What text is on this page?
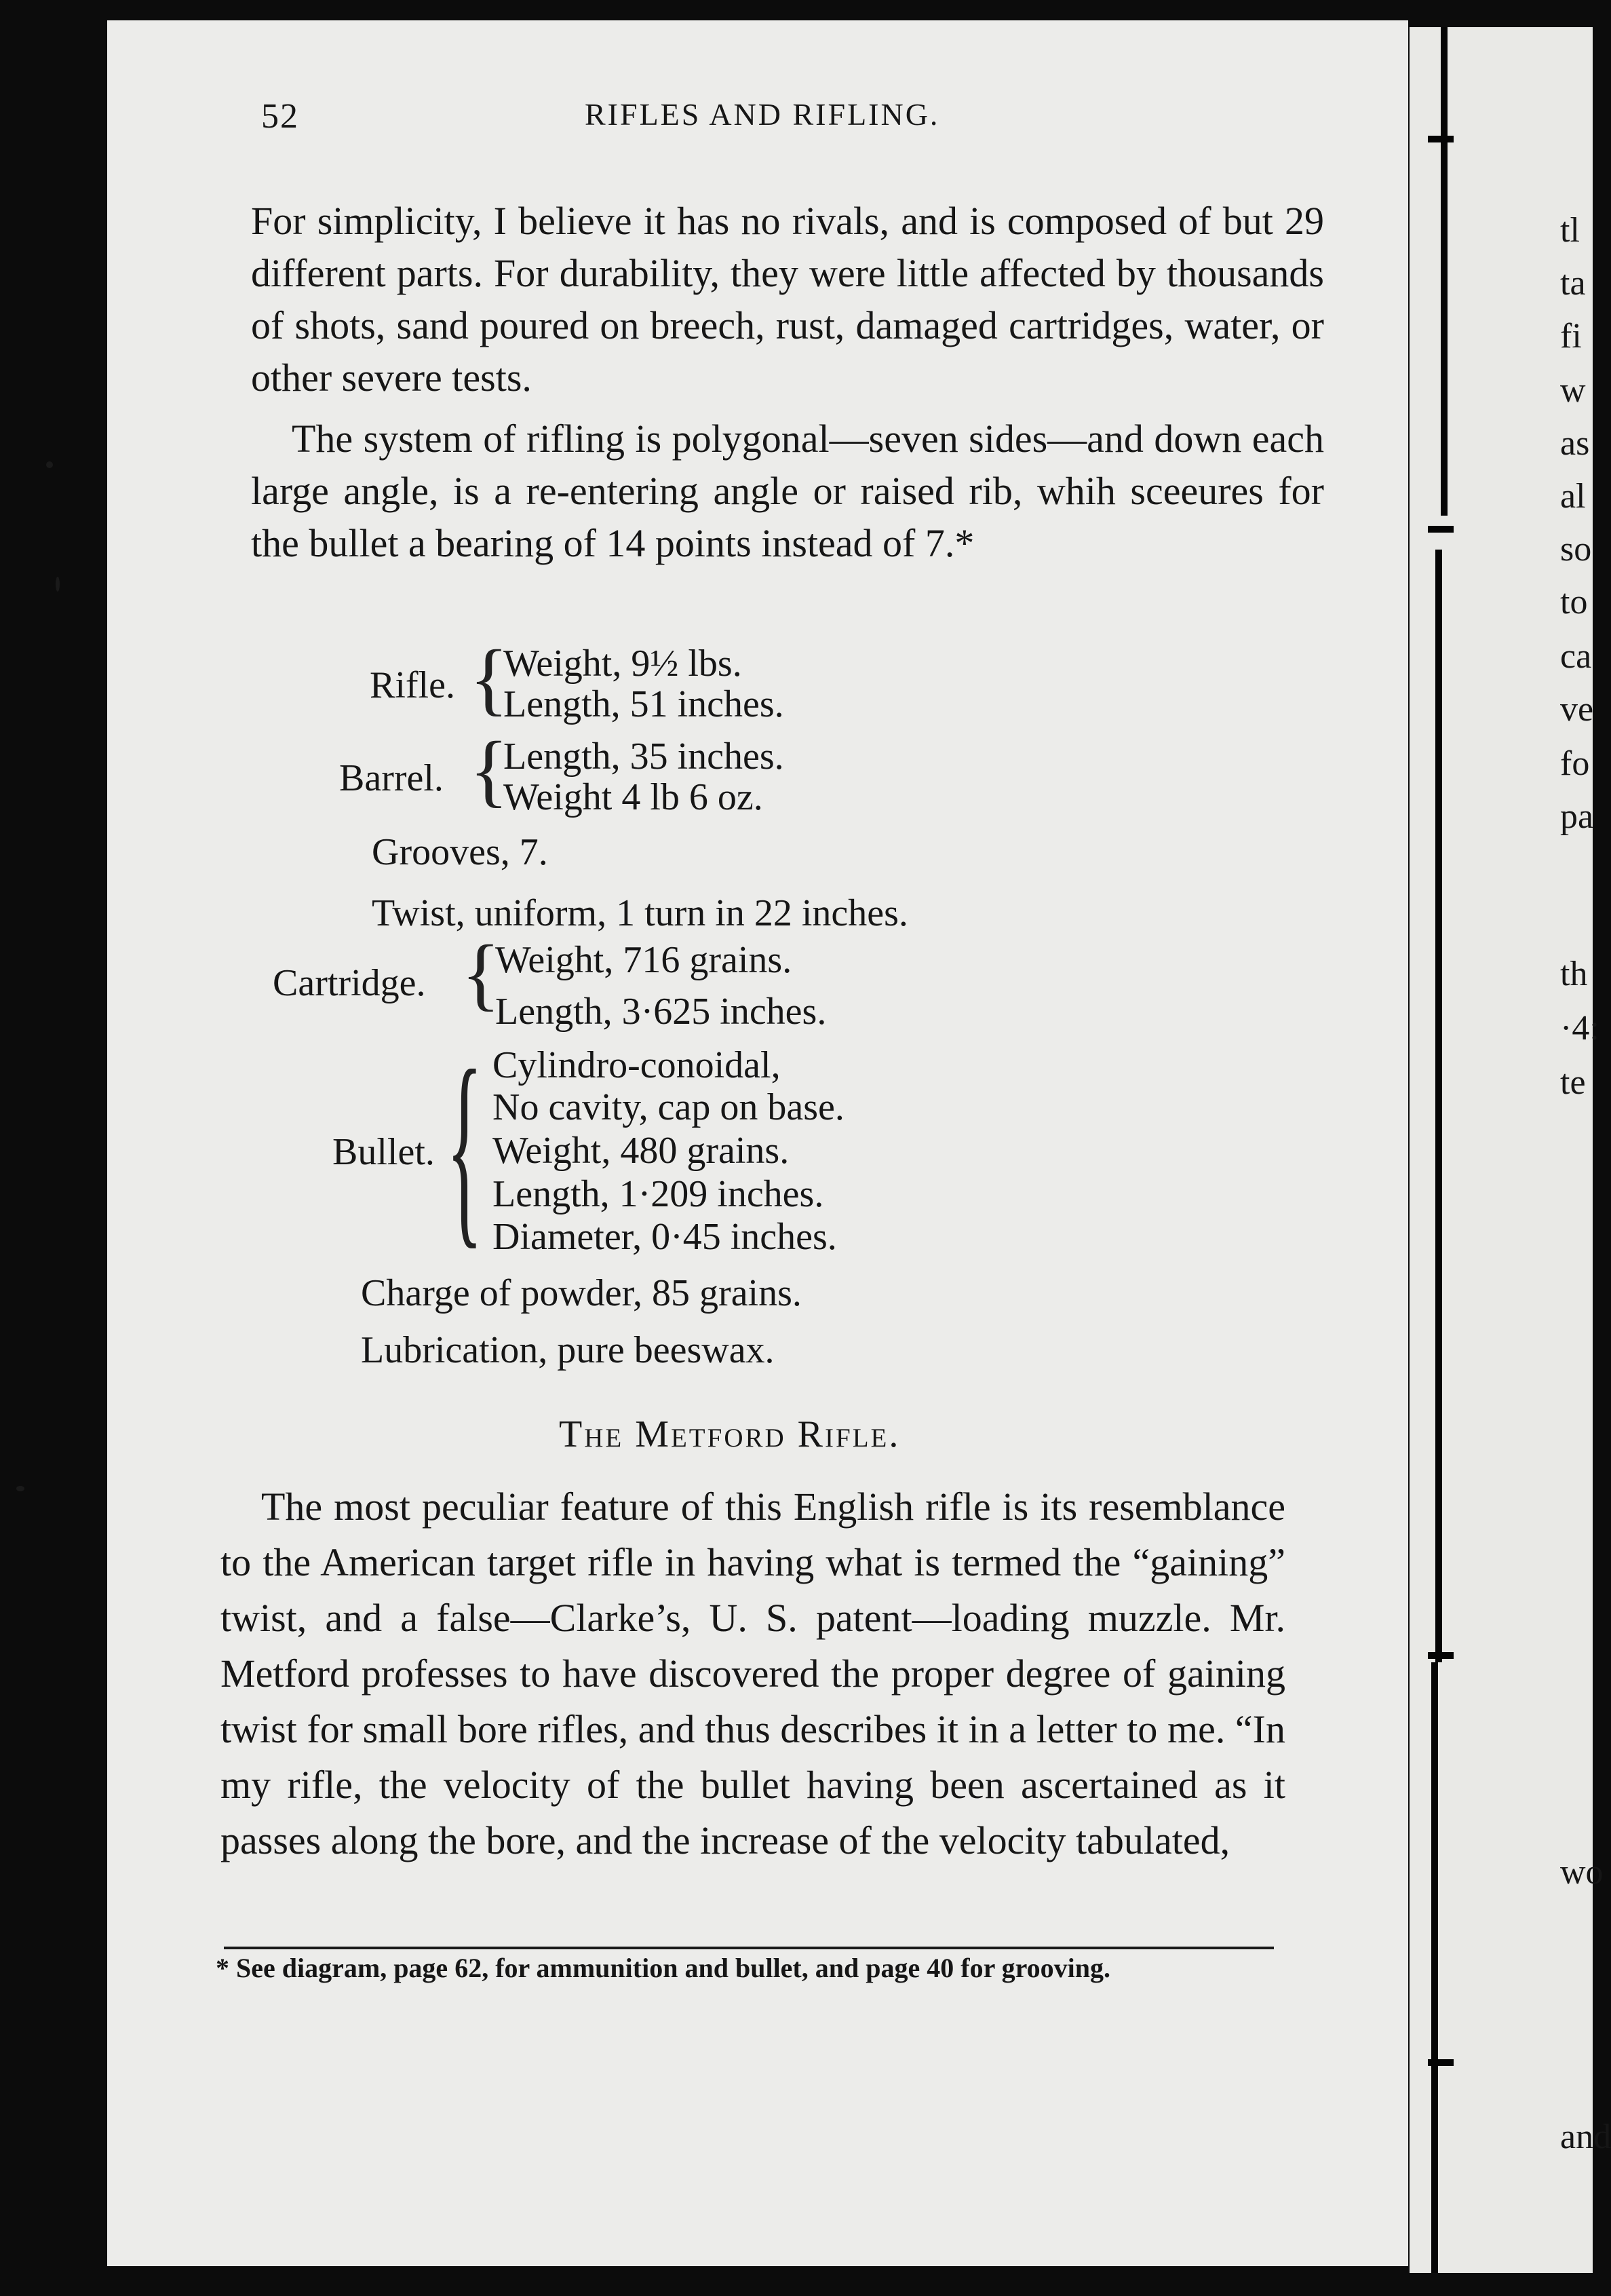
52	RIFLES AND RIFLING.

For simplicity, I believe it has no rivals, and is composed of but 29 different parts. For durability, they were little affected by thousands of shots, sand poured on breech, rust, damaged cartridges, water, or other severe tests.

The system of rifling is polygonal—seven sides—and down each large angle, is a re-entering angle or raised rib, whih sceeures for the bullet a bearing of 14 points instead of 7.*

Rifle. {
Weight, 9½ lbs.
Length, 51 inches.
Barrel. {
Length, 35 inches.
Weight 4 lb 6 oz.
Grooves, 7.
Twist, uniform, 1 turn in 22 inches.
Cartridge. {
Weight, 716 grains.
Length, 3·625 inches.
Bullet. { Cylindro-conoidal,
No cavity, cap on base.
Weight, 480 grains.
Length, 1·209 inches.
Diameter, 0·45 inches.
Charge of powder, 85 grains.
Lubrication, pure beeswax.
The Metford Rifle.

The most peculiar feature of this English rifle is its resemblance to the American target rifle in having what is termed the “gaining” twist, and a false—Clarke’s, U. S. patent—loading muzzle. Mr. Metford professes to have discovered the proper degree of gaining twist for small bore rifles, and thus describes it in a letter to me. “In my rifle, the velocity of the bullet having been ascertained as it passes along the bore, and the increase of the velocity tabulated,

* See diagram, page 62, for ammunition and bullet, and page 40 for grooving.

tl
ta
fi
w
as
al
so
to
ca
ve
fo
pa
th
·4:
te
wo
and
